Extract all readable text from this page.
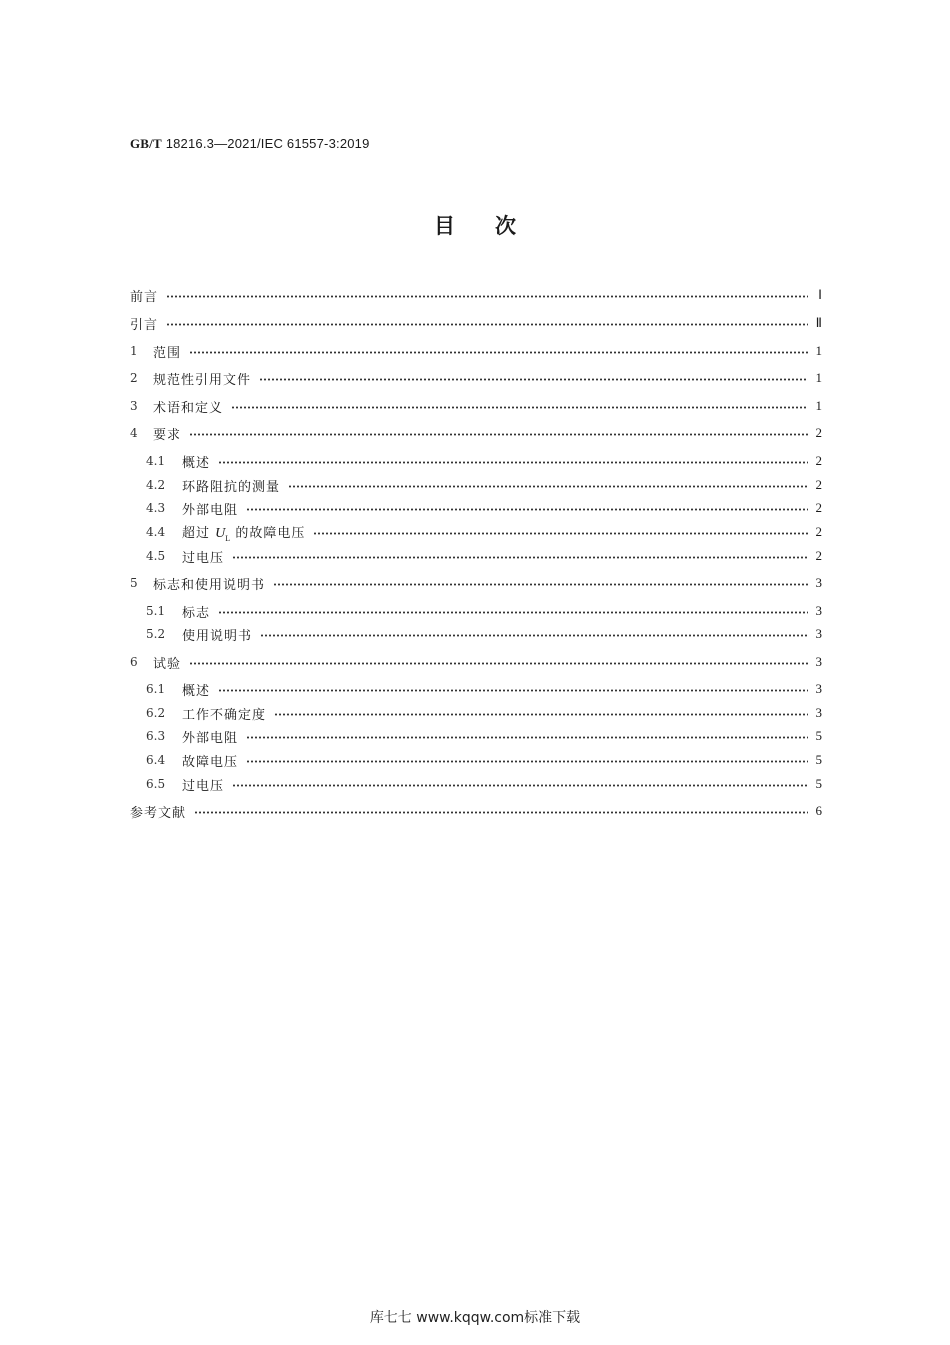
GB/T 18216.3—2021/IEC 61557-3:2019
目次
前言	Ⅰ
引言	Ⅱ
1	范围	1
2	规范性引用文件	1
3	术语和定义	1
4	要求	2
4.1	概述	2
4.2	环路阻抗的测量	2
4.3	外部电阻	2
4.4	超过 $U_L$ 的故障电压	2
4.5	过电压	2
5	标志和使用说明书	3
5.1	标志	3
5.2	使用说明书	3
6	试验	3
6.1	概述	3
6.2	工作不确定度	3
6.3	外部电阻	5
6.4	故障电压	5
6.5	过电压	5
参考文献	6
库七七 www.kqqw.com标准下载
